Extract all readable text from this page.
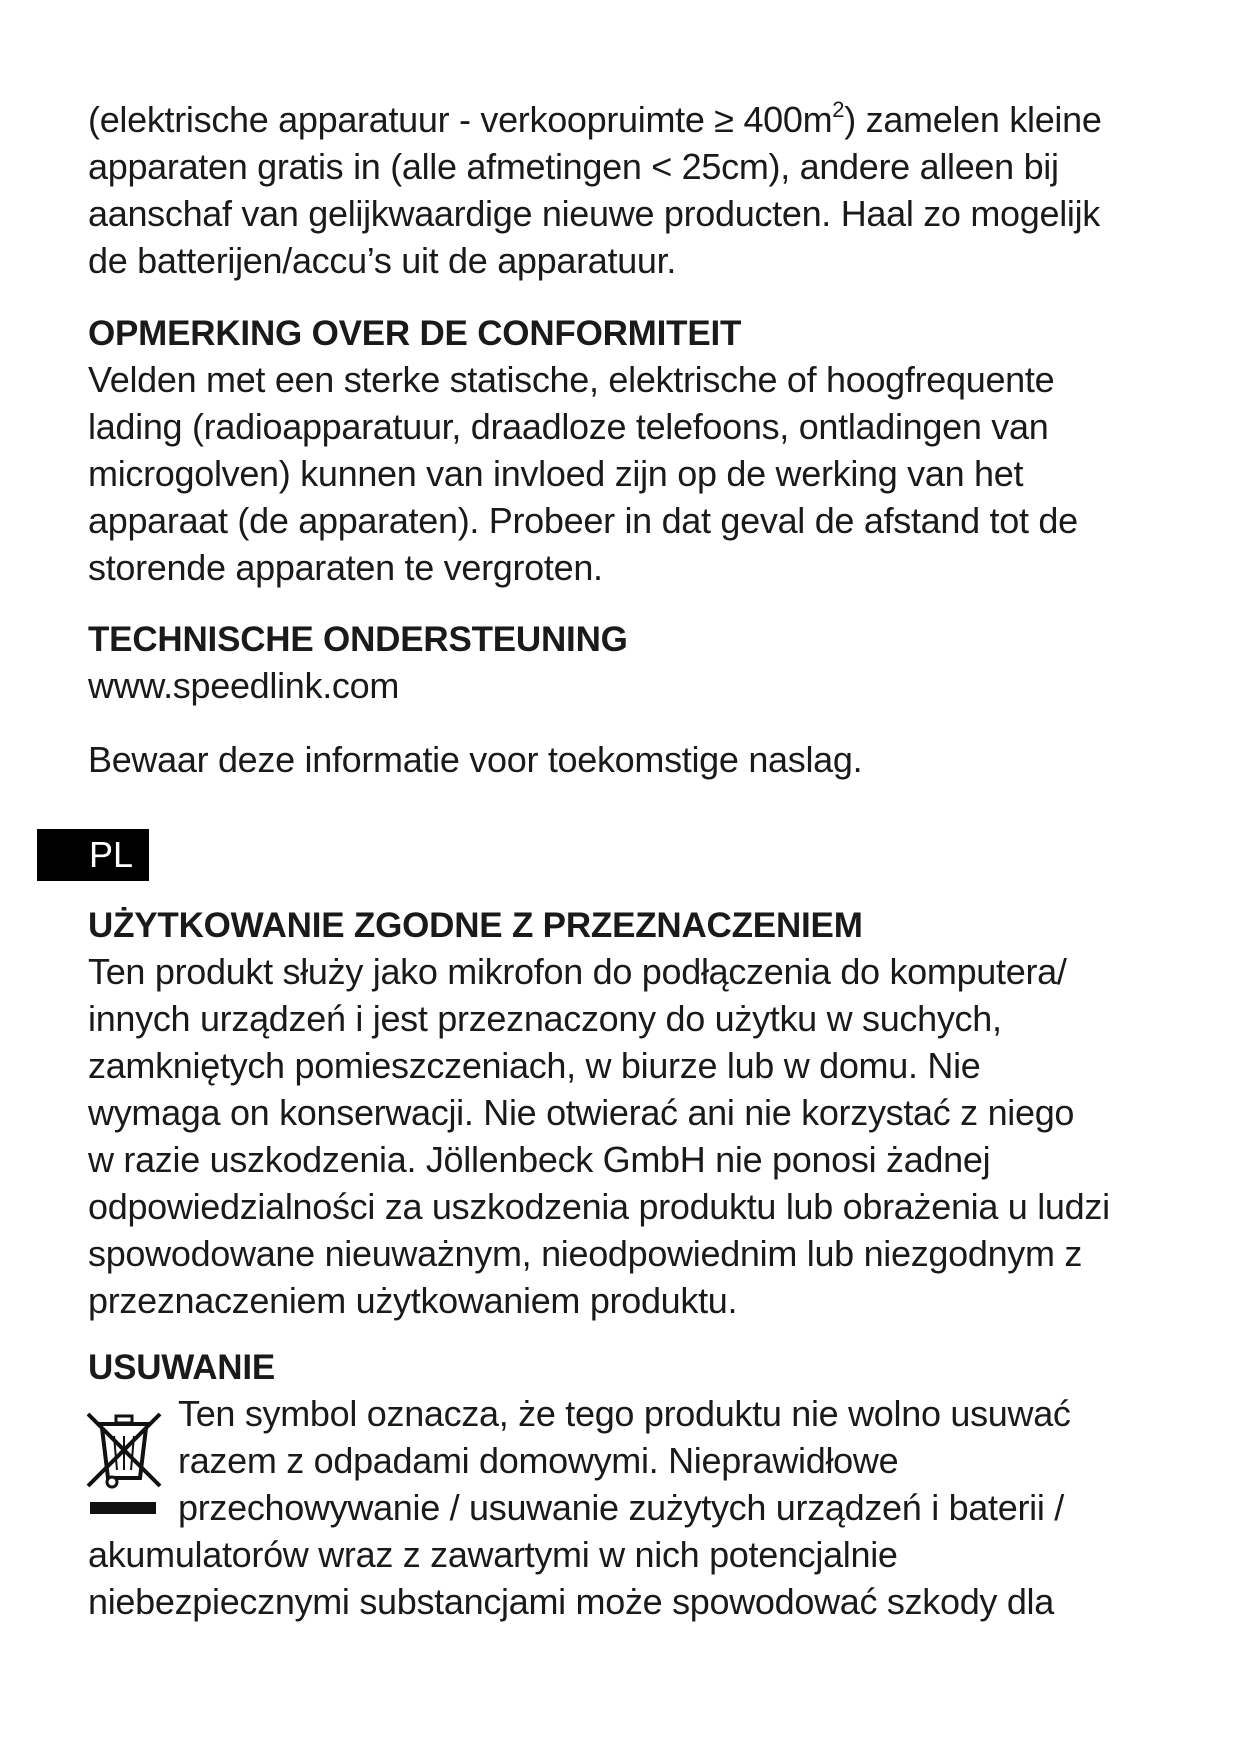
(elektrische apparatuur - verkoopruimte ≥ $400m^2$) zamelen kleine
apparaten gratis in (alle afmetingen < 25cm), andere alleen bij
aanschaf van gelijkwaardige nieuwe producten. Haal zo mogelijk
de batterijen/accu’s uit de apparatuur.
OPMERKING OVER DE CONFORMITEIT
Velden met een sterke statische, elektrische of hoogfrequente
lading (radioapparatuur, draadloze telefoons, ontladingen van
microgolven) kunnen van invloed zijn op de werking van het
apparaat (de apparaten). Probeer in dat geval de afstand tot de
storende apparaten te vergroten.
TECHNISCHE ONDERSTEUNING
www.speedlink.com
Bewaar deze informatie voor toekomstige naslag.
PL
UŻYTKOWANIE ZGODNE Z PRZEZNACZENIEM
Ten produkt służy jako mikrofon do podłączenia do komputera/
innych urządzeń i jest przeznaczony do użytku w suchych,
zamkniętych pomieszczeniach, w biurze lub w domu. Nie
wymaga on konserwacji. Nie otwierać ani nie korzystać z niego
w razie uszkodzenia. Jöllenbeck GmbH nie ponosi żadnej
odpowiedzialności za uszkodzenia produktu lub obrażenia u ludzi
spowodowane nieuważnym, nieodpowiednim lub niezgodnym z
przeznaczeniem użytkowaniem produktu.
USUWANIE
Ten symbol oznacza, że tego produktu nie wolno usuwać
razem z odpadami domowymi. Nieprawidłowe
przechowywanie / usuwanie zużytych urządzeń i baterii /
akumulatorów wraz z zawartymi w nich potencjalnie
niebezpiecznymi substancjami może spowodować szkody dla
